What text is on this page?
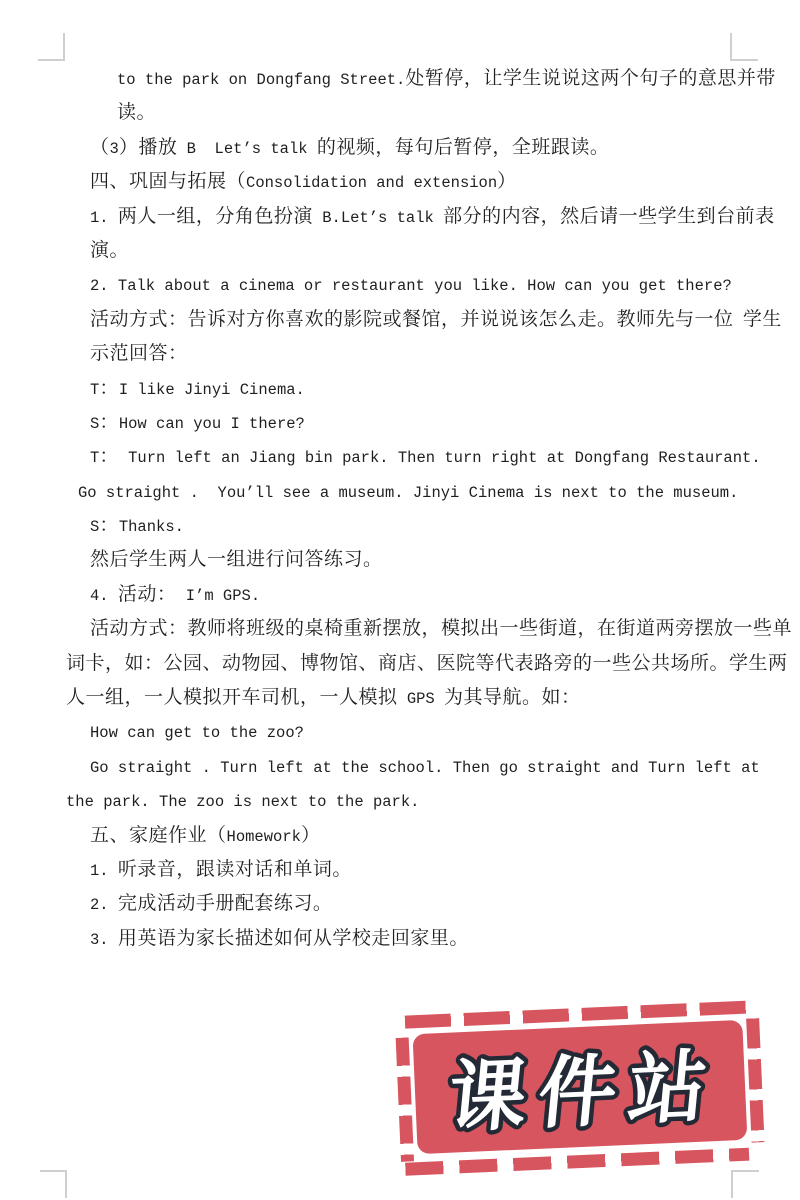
to the park on Dongfang Street.处暂停，让学生说说这两个句子的意思并带
读。
（3）播放 B  Let’s talk 的视频，每句后暂停，全班跟读。
四、巩固与拓展（Consolidation and extension）
1. 两人一组，分角色扮演 B.Let’s talk 部分的内容，然后请一些学生到台前表
演。
2. Talk about a cinema or restaurant you like. How can you get there?
活动方式：告诉对方你喜欢的影院或餐馆，并说说该怎么走。教师先与一位 学生
示范回答：
T：I like Jinyi Cinema.
S：How can you I there?
T： Turn left an Jiang bin park. Then turn right at Dongfang Restaurant.
Go straight .  You’ll see a museum. Jinyi Cinema is next to the museum.
S：Thanks.
然后学生两人一组进行问答练习。
4. 活动： I’m GPS.
活动方式：教师将班级的桌椅重新摆放，模拟出一些街道，在街道两旁摆放一些单
词卡，如：公园、动物园、博物馆、商店、医院等代表路旁的一些公共场所。学生两
人一组，一人模拟开车司机，一人模拟 GPS 为其导航。如：
How can get to the zoo?
Go straight . Turn left at the school. Then go straight and Turn left at
the park. The zoo is next to the park.
五、家庭作业（Homework）
1. 听录音，跟读对话和单词。
2. 完成活动手册配套练习。
3. 用英语为家长描述如何从学校走回家里。
课件站
